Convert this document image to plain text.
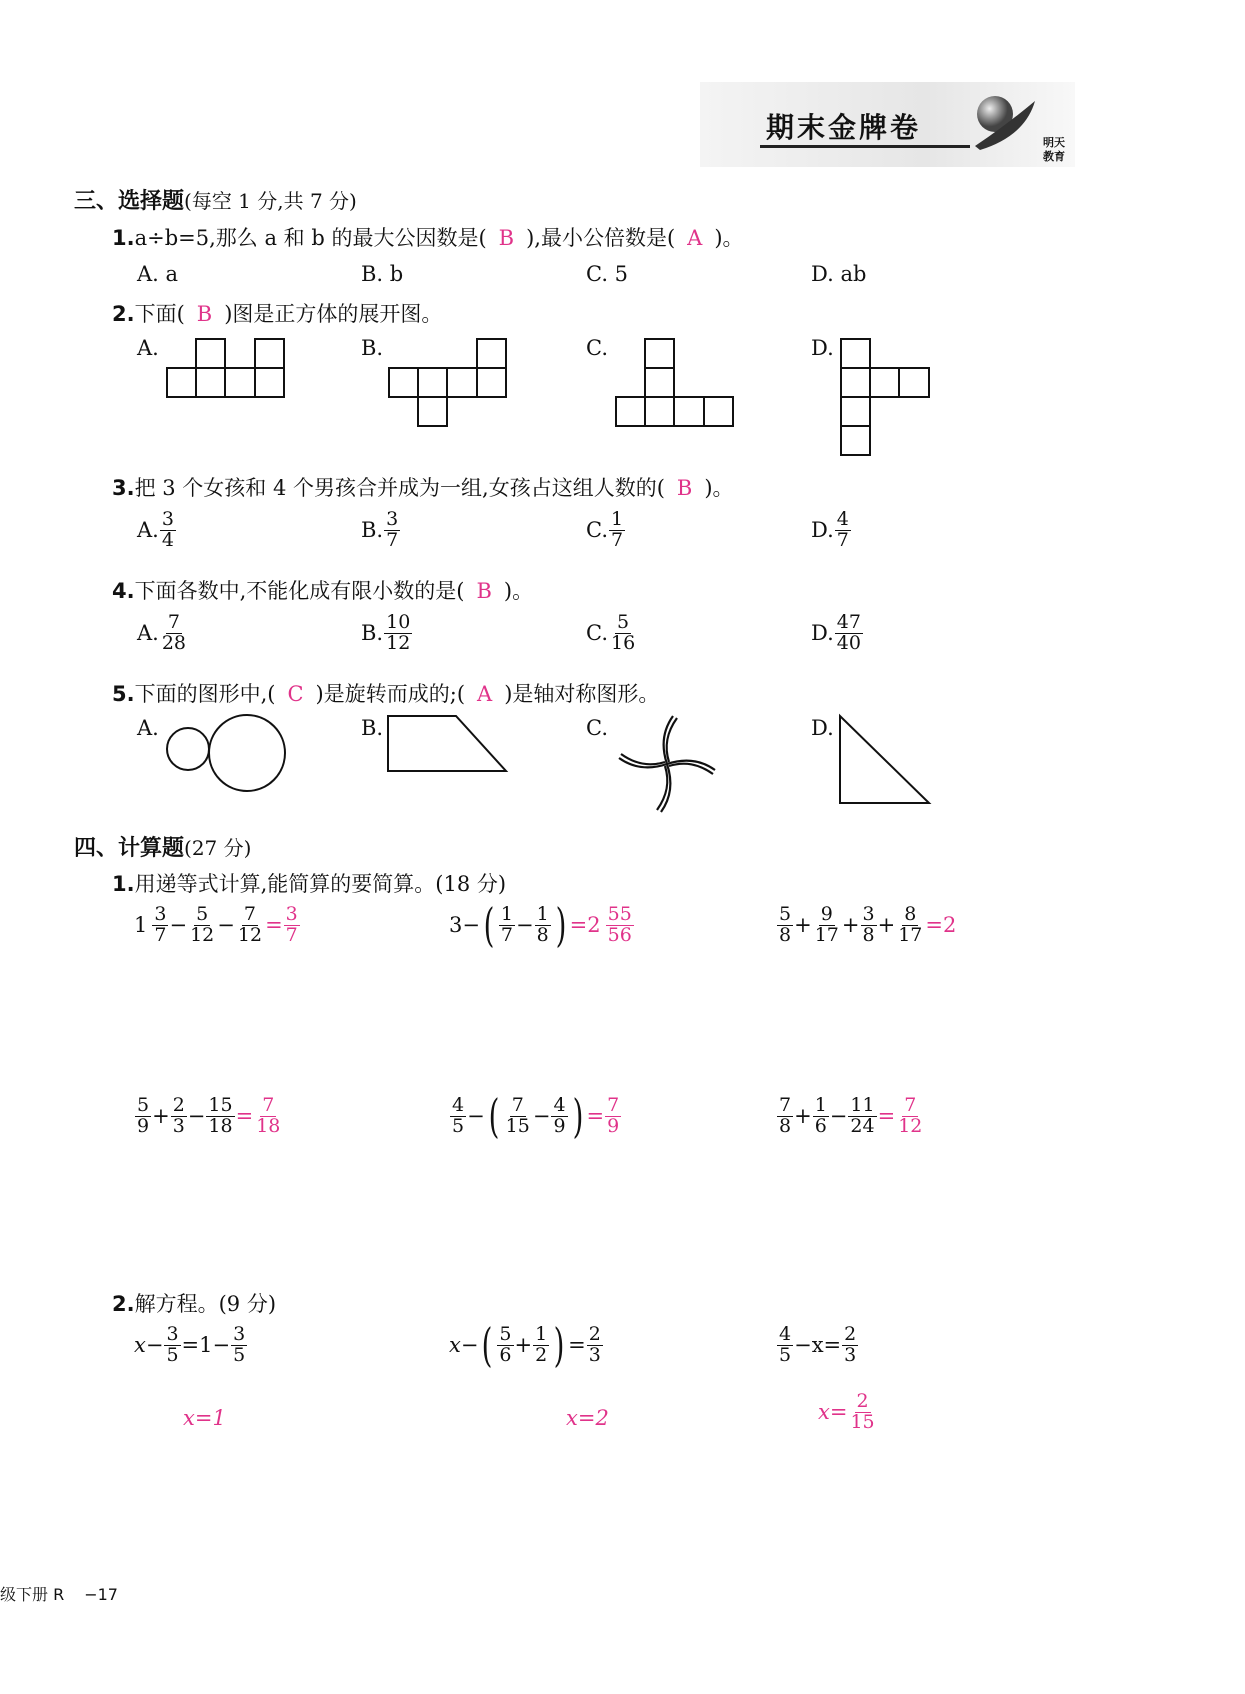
期末金牌卷	明天
教育
三、选择题(每空 1 分,共 7 分)
1.a÷b=5,那么 a 和 b 的最大公因数是( B ),最小公倍数是( A )。
A. a	B. b	C. 5	D. ab
2.下面( B )图是正方体的展开图。
A.	B.	C.	D.
3.把 3 个女孩和 4 个男孩合并成为一组,女孩占这组人数的( B )。
A. $\frac{3}{4}$	B. $\frac{3}{7}$	C. $\frac{1}{7}$	D. $\frac{4}{7}$
4.下面各数中,不能化成有限小数的是( B )。
A. $\frac{7}{28}$	B. $\frac{10}{12}$	C. $\frac{5}{16}$	D. $\frac{47}{40}$
5.下面的图形中,( C )是旋转而成的;( A )是轴对称图形。
A.	B.	C.	D.
四、计算题(27 分)
1.用递等式计算,能简算的要简算。(18 分)
$1 \frac{3}{7} - \frac{5}{12} - \frac{7}{12} = \frac{3}{7}$	3− ( $\frac{1}{7} - \frac{1}{8}$ ) $=2 \frac{55}{56}$	$\frac{5}{8} + \frac{9}{17} + \frac{3}{8} + \frac{8}{17} =2$
$\frac{5}{9} + \frac{2}{3} - \frac{15}{18} = \frac{7}{18}$	$\frac{4}{5}$ − ( $\frac{7}{15} - \frac{4}{9}$ ) = $\frac{7}{9}$	$\frac{7}{8} + \frac{1}{6} - \frac{11}{24} = \frac{7}{12}$
2.解方程。(9 分)
$x - \frac{3}{5} =1- \frac{3}{5}$
x=1
x − ( $\frac{5}{6} + \frac{1}{2}$ ) = $\frac{2}{3}$
x=2
$\frac{4}{5} -x= \frac{2}{3}$
$x= \frac{2}{15}$
级下册 R −17
